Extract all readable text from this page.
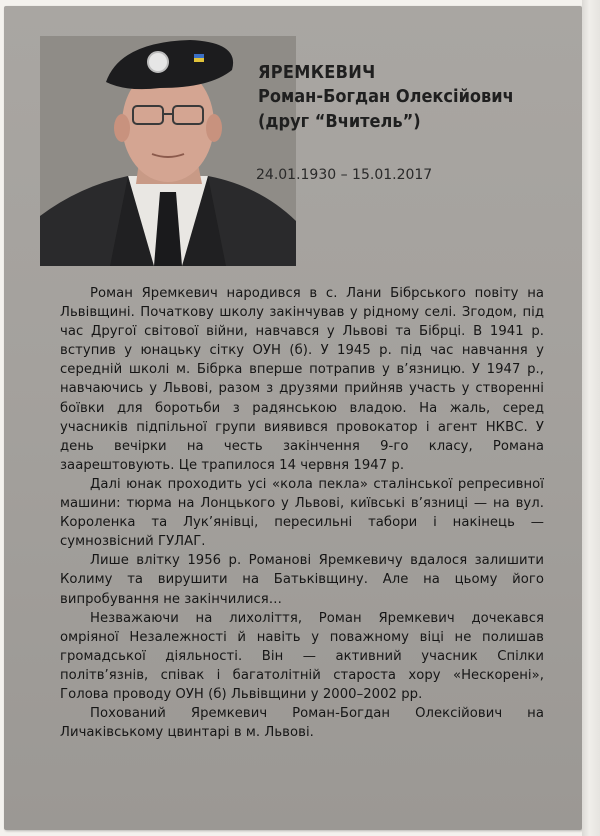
ЯРЕМКЕВИЧ
Роман-Богдан Олексійович
(друг “Вчитель”)
24.01.1930 – 15.01.2017

Роман Яремкевич народився в с. Лани Бібрського повіту на Львівщині. Початкову школу закінчував у рідному селі. Згодом, під час Другої світової війни, навчався у Львові та Бібрці. В 1941 р. вступив у юнацьку сітку ОУН (б). У 1945 р. під час навчання у середній школі м. Бібрка вперше потрапив у в’язницю. У 1947 р., навчаючись у Львові, разом з друзями прийняв участь у створенні боївки для боротьби з радянською владою. На жаль, серед учасників підпільної групи виявився провокатор і агент НКВС. У день вечірки на честь закінчення 9-го класу, Романа заарештовують. Це трапилося 14 червня 1947 р.

Далі юнак проходить усі «кола пекла» сталінської репресивної машини: тюрма на Лонцького у Львові, київські в’язниці — на вул. Короленка та Лук’янівці, пересильні табори і накінець — сумнозвісний ГУЛАГ.

Лише влітку 1956 р. Романові Яремкевичу вдалося залишити Колиму та вирушити на Батьківщину. Але на цьому його випробування не закінчилися…

Незважаючи на лихоліття, Роман Яремкевич дочекався омріяної Незалежності й навіть у поважному віці не полишав громадської діяльності. Він — активний учасник Спілки політв’язнів, співак і багатолітній староста хору «Нескорені», Голова проводу ОУН (б) Львівщини у 2000–2002 рр.

Похований Яремкевич Роман-Богдан Олексійович на Личаківському цвинтарі в м. Львові.
